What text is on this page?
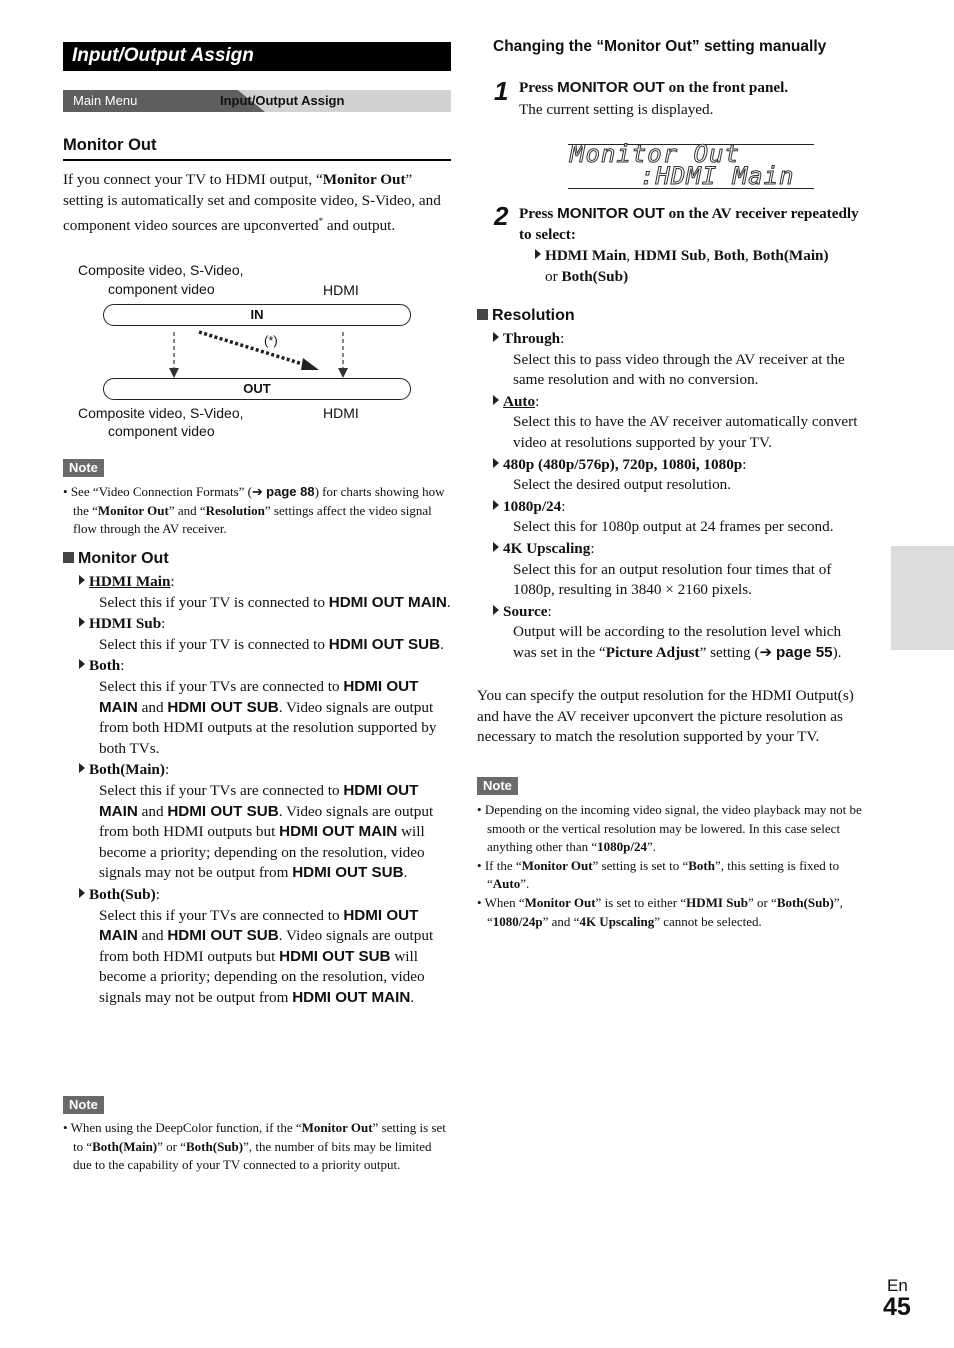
Input/Output Assign
Main Menu	Input/Output Assign
Monitor Out

If you connect your TV to HDMI output, “Monitor Out” setting is automatically set and composite video, S-Video, and component video sources are upconverted* and output.

Composite video, S-Video,
component video	HDMI
IN
(*)
OUT
Composite video, S-Video,
component video
HDMI
Note

• See “Video Connection Formats” (➔ page 88) for charts showing how the “Monitor Out” and “Resolution” settings affect the video signal flow through the AV receiver.

Monitor Out

HDMI Main:

Select this if your TV is connected to HDMI OUT MAIN.

HDMI Sub:

Select this if your TV is connected to HDMI OUT SUB.

Both:

Select this if your TVs are connected to HDMI OUT MAIN and HDMI OUT SUB. Video signals are output from both HDMI outputs at the resolution supported by both TVs.

Both(Main):

Select this if your TVs are connected to HDMI OUT MAIN and HDMI OUT SUB. Video signals are output from both HDMI outputs but HDMI OUT MAIN will become a priority; depending on the resolution, video signals may not be output from HDMI OUT SUB.

Both(Sub):

Select this if your TVs are connected to HDMI OUT MAIN and HDMI OUT SUB. Video signals are output from both HDMI outputs but HDMI OUT SUB will become a priority; depending on the resolution, video signals may not be output from HDMI OUT MAIN.

Note

• When using the DeepColor function, if the “Monitor Out” setting is set to “Both(Main)” or “Both(Sub)”, the number of bits may be limited due to the capability of your TV connected to a priority output.

Changing the “Monitor Out” setting manually
1 Press MONITOR OUT on the front panel.

The current setting is displayed.

Monitor Out
:HDMI Main
2 Press MONITOR OUT on the AV receiver repeatedly to select:

HDMI Main, HDMI Sub, Both, Both(Main)

or Both(Sub)

Resolution

Through:

Select this to pass video through the AV receiver at the same resolution and with no conversion.

Auto:

Select this to have the AV receiver automatically convert video at resolutions supported by your TV.

480p (480p/576p), 720p, 1080i, 1080p:

Select the desired output resolution.

1080p/24:

Select this for 1080p output at 24 frames per second.

4K Upscaling:

Select this for an output resolution four times that of 1080p, resulting in 3840 × 2160 pixels.

Source:

Output will be according to the resolution level which was set in the “Picture Adjust” setting (➔ page 55).

You can specify the output resolution for the HDMI Output(s) and have the AV receiver upconvert the picture resolution as necessary to match the resolution supported by your TV.

Note

• Depending on the incoming video signal, the video playback may not be smooth or the vertical resolution may be lowered. In this case select anything other than “1080p/24”.

• If the “Monitor Out” setting is set to “Both”, this setting is fixed to “Auto”.

• When “Monitor Out” is set to either “HDMI Sub” or “Both(Sub)”, “1080/24p” and “4K Upscaling” cannot be selected.

En
45
